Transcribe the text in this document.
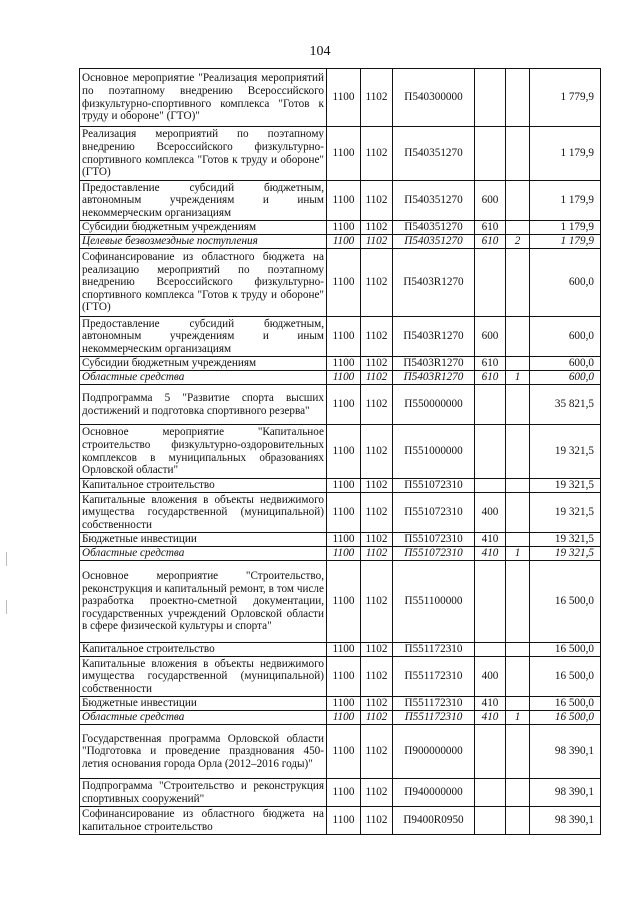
104
Основное мероприятие "Реализация мероприятий по поэтапному внедрению Всероссийского физкультурно-спортивного комплекса "Готов к труду и обороне" (ГТО)"	1100	1102	П540300000			1 779,9
Реализация мероприятий по поэтапному внедрению Всероссийского физкультурно-спортивного комплекса "Готов к труду и обороне" (ГТО)	1100	1102	П540351270			1 179,9
Предоставление субсидий бюджетным, автономным учреждениям и иным некоммерческим организациям	1100	1102	П540351270	600		1 179,9
Субсидии бюджетным учреждениям	1100	1102	П540351270	610		1 179,9
Целевые безвозмездные поступления	1100	1102	П540351270	610	2	1 179,9
Софинансирование из областного бюджета на реализацию мероприятий по поэтапному внедрению Всероссийского физкультурно-спортивного комплекса "Готов к труду и обороне" (ГТО)	1100	1102	П5403R1270			600,0
Предоставление субсидий бюджетным, автономным учреждениям и иным некоммерческим организациям	1100	1102	П5403R1270	600		600,0
Субсидии бюджетным учреждениям	1100	1102	П5403R1270	610		600,0
Областные средства	1100	1102	П5403R1270	610	1	600,0
Подпрограмма 5 "Развитие спорта высших достижений и подготовка спортивного резерва"	1100	1102	П550000000			35 821,5
Основное мероприятие "Капитальное строительство физкультурно-оздоровительных комплексов в муниципальных образованиях Орловской области"	1100	1102	П551000000			19 321,5
Капитальное строительство	1100	1102	П551072310			19 321,5
Капитальные вложения в объекты недвижимого имущества государственной (муниципальной) собственности	1100	1102	П551072310	400		19 321,5
Бюджетные инвестиции	1100	1102	П551072310	410		19 321,5
Областные средства	1100	1102	П551072310	410	1	19 321,5
Основное мероприятие "Строительство, реконструкция и капитальный ремонт, в том числе разработка проектно-сметной документации, государственных учреждений Орловской области в сфере физической культуры и спорта"	1100	1102	П551100000			16 500,0
Капитальное строительство	1100	1102	П551172310			16 500,0
Капитальные вложения в объекты недвижимого имущества государственной (муниципальной) собственности	1100	1102	П551172310	400		16 500,0
Бюджетные инвестиции	1100	1102	П551172310	410		16 500,0
Областные средства	1100	1102	П551172310	410	1	16 500,0
Государственная программа Орловской области "Подготовка и проведение празднования 450-летия основания города Орла (2012–2016 годы)"	1100	1102	П900000000			98 390,1
Подпрограмма "Строительство и реконструкция спортивных сооружений"	1100	1102	П940000000			98 390,1
Софинансирование из областного бюджета на капитальное строительство	1100	1102	П9400R0950			98 390,1
